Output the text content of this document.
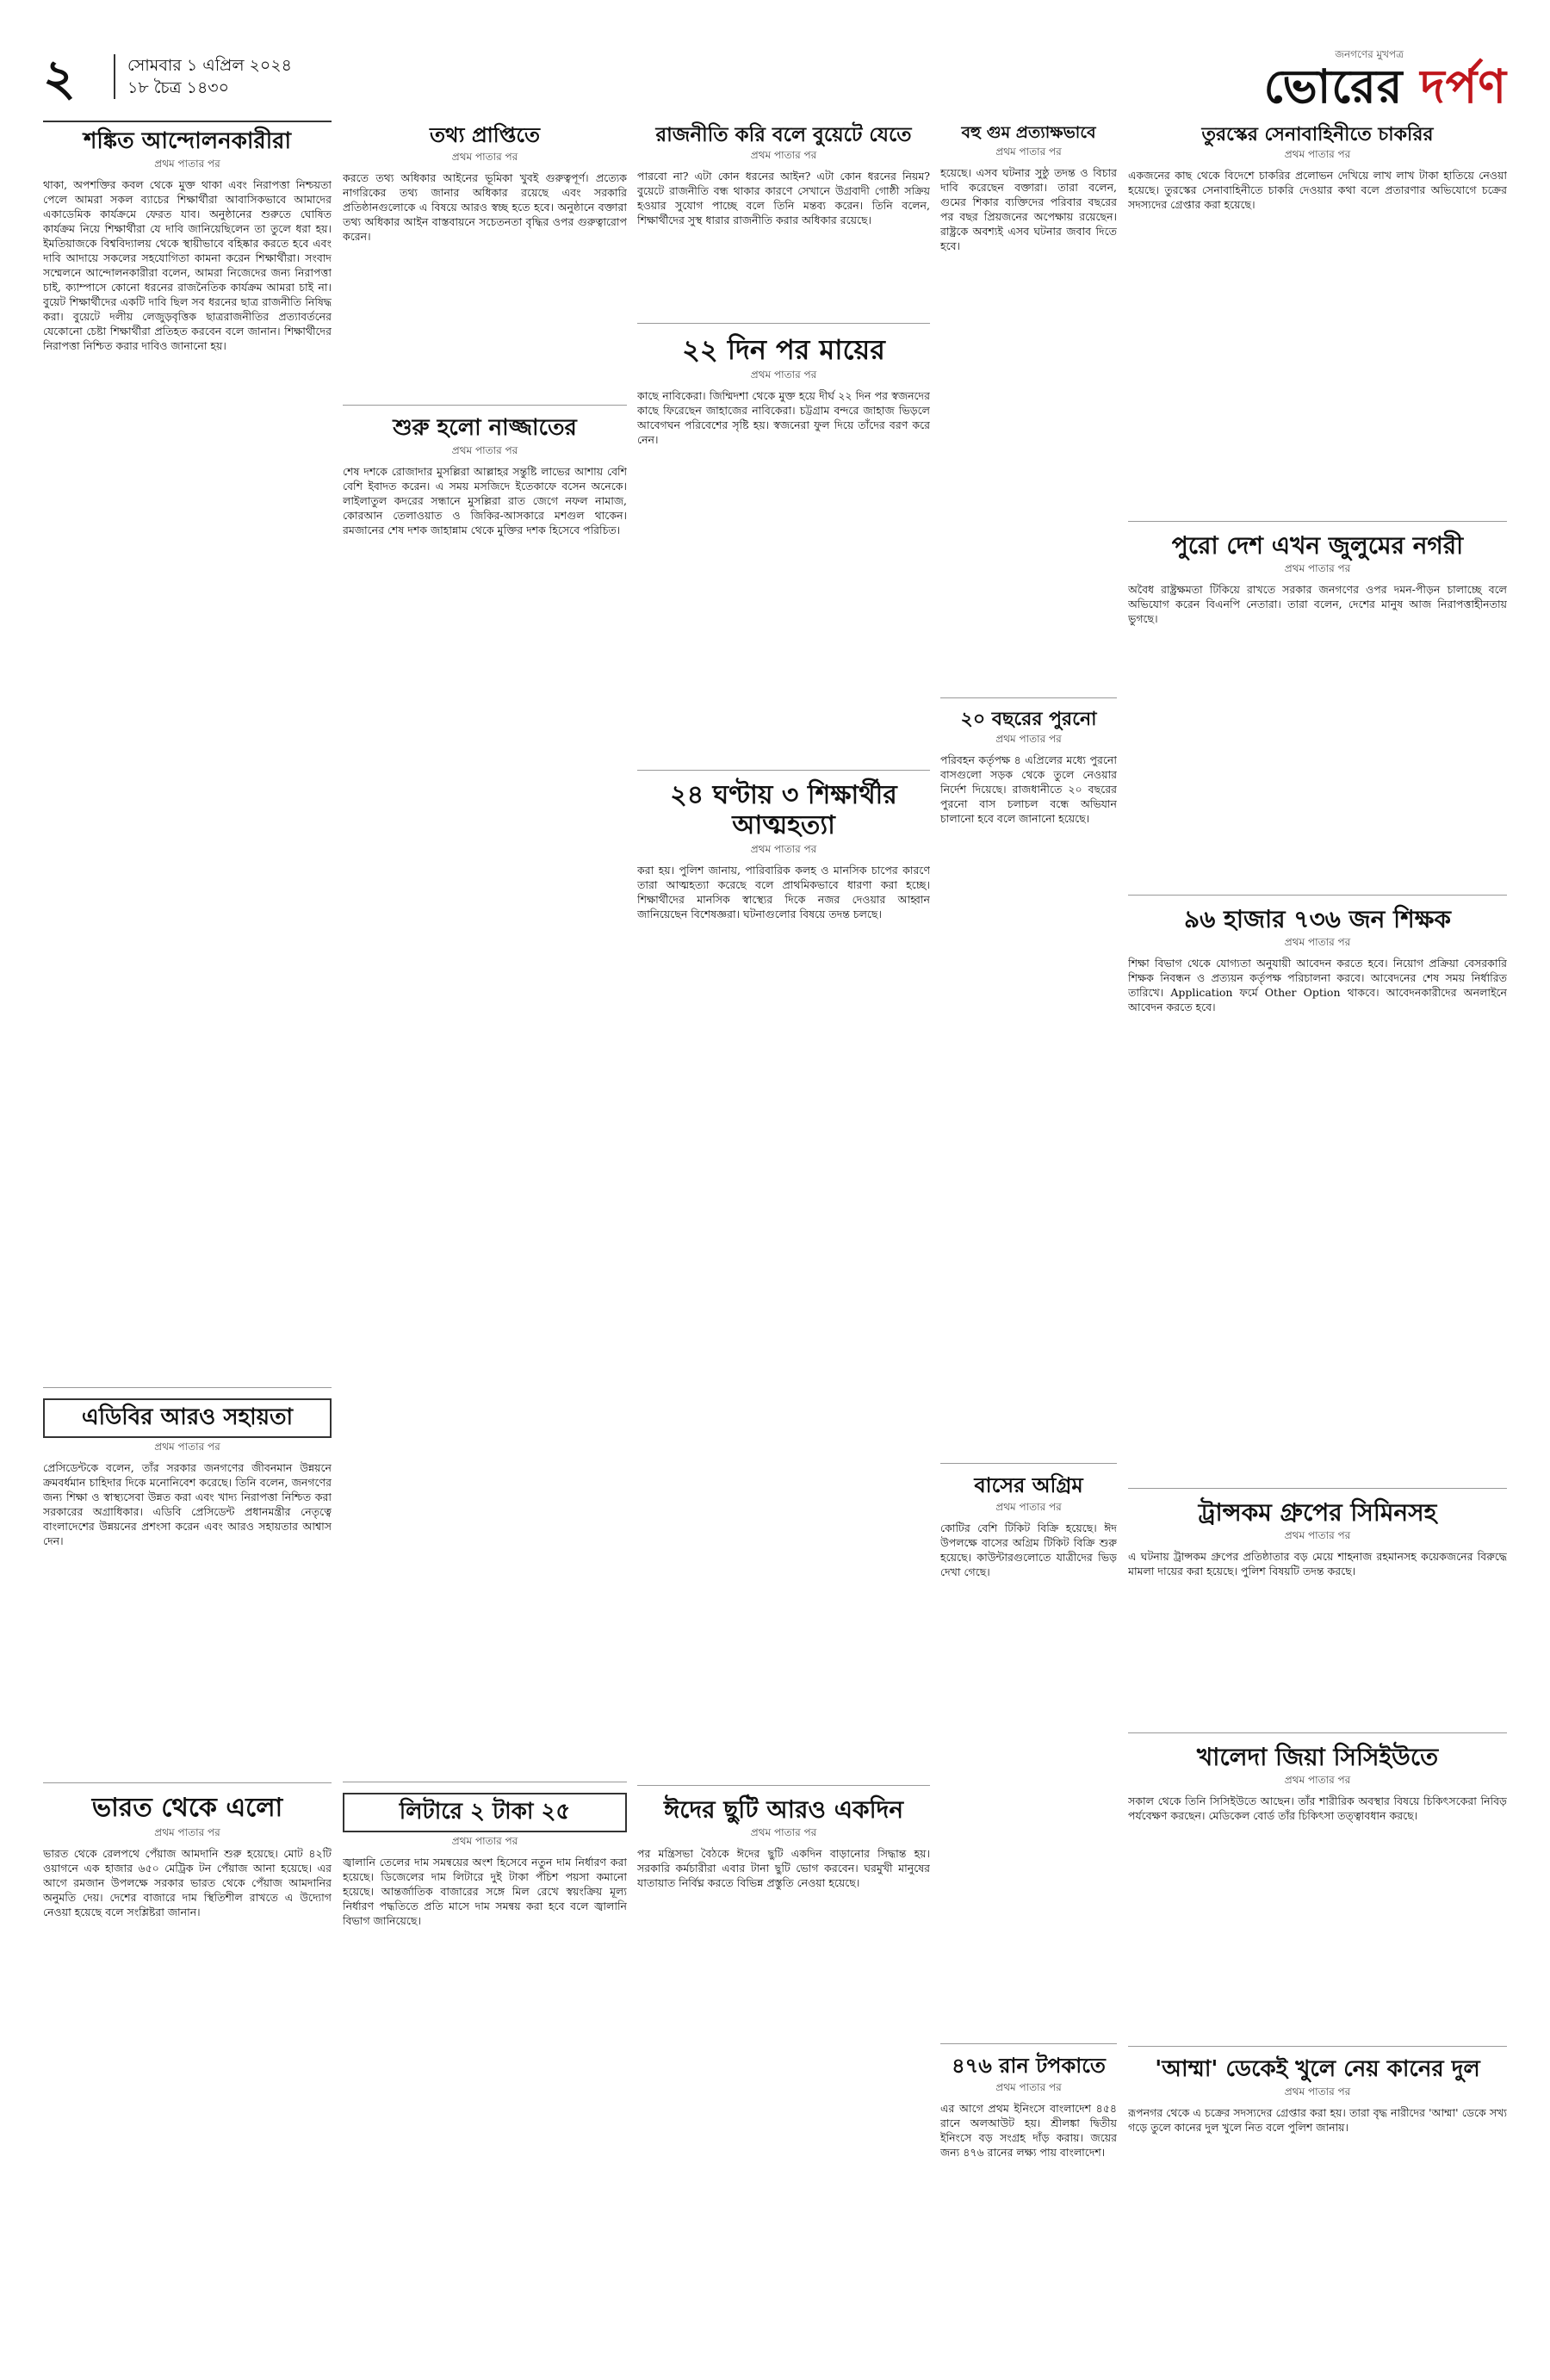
২	সোমবার ১ এপ্রিল ২০২৪
১৮ চৈত্র ১৪৩০
জনগণের মুখপত্র
ভোরের দর্পণ
শঙ্কিত আন্দোলনকারীরা
প্রথম পাতার পর

থাকা, অপশক্তির কবল থেকে মুক্ত থাকা এবং নিরাপত্তা নিশ্চয়তা পেলে আমরা সকল ব্যাচের শিক্ষার্থীরা আবাসিকভাবে আমাদের একাডেমিক কার্যক্রমে ফেরত যাব। অনুষ্ঠানের শুরুতে ঘোষিত কার্যক্রম নিয়ে শিক্ষার্থীরা যে দাবি জানিয়েছিলেন তা তুলে ধরা হয়। ইমতিয়াজকে বিশ্ববিদ্যালয় থেকে স্থায়ীভাবে বহিষ্কার করতে হবে এবং দাবি আদায়ে সকলের সহযোগিতা কামনা করেন শিক্ষার্থীরা। সংবাদ সম্মেলনে আন্দোলনকারীরা বলেন, আমরা নিজেদের জন্য নিরাপত্তা চাই, ক্যাম্পাসে কোনো ধরনের রাজনৈতিক কার্যক্রম আমরা চাই না। বুয়েট শিক্ষার্থীদের একটি দাবি ছিল সব ধরনের ছাত্র রাজনীতি নিষিদ্ধ করা। বুয়েটে দলীয় লেজুড়বৃত্তিক ছাত্ররাজনীতির প্রত্যাবর্তনের যেকোনো চেষ্টা শিক্ষার্থীরা প্রতিহত করবেন বলে জানান। শিক্ষার্থীদের নিরাপত্তা নিশ্চিত করার দাবিও জানানো হয়।

এডিবির আরও সহায়তা
প্রথম পাতার পর

প্রেসিডেন্টকে বলেন, তাঁর সরকার জনগণের জীবনমান উন্নয়নে ক্রমবর্ধমান চাহিদার দিকে মনোনিবেশ করেছে। তিনি বলেন, জনগণের জন্য শিক্ষা ও স্বাস্থ্যসেবা উন্নত করা এবং খাদ্য নিরাপত্তা নিশ্চিত করা সরকারের অগ্রাধিকার। এডিবি প্রেসিডেন্ট প্রধানমন্ত্রীর নেতৃত্বে বাংলাদেশের উন্নয়নের প্রশংসা করেন এবং আরও সহায়তার আশ্বাস দেন।

ভারত থেকে এলো
প্রথম পাতার পর

ভারত থেকে রেলপথে পেঁয়াজ আমদানি শুরু হয়েছে। মোট ৪২টি ওয়াগনে এক হাজার ৬৫০ মেট্রিক টন পেঁয়াজ আনা হয়েছে। এর আগে রমজান উপলক্ষে সরকার ভারত থেকে পেঁয়াজ আমদানির অনুমতি দেয়। দেশের বাজারে দাম স্থিতিশীল রাখতে এ উদ্যোগ নেওয়া হয়েছে বলে সংশ্লিষ্টরা জানান।

তথ্য প্রাপ্তিতে
প্রথম পাতার পর

করতে তথ্য অধিকার আইনের ভূমিকা খুবই গুরুত্বপূর্ণ। প্রত্যেক নাগরিকের তথ্য জানার অধিকার রয়েছে এবং সরকারি প্রতিষ্ঠানগুলোকে এ বিষয়ে আরও স্বচ্ছ হতে হবে। অনুষ্ঠানে বক্তারা তথ্য অধিকার আইন বাস্তবায়নে সচেতনতা বৃদ্ধির ওপর গুরুত্বারোপ করেন।

শুরু হলো নাজ্জাতের
প্রথম পাতার পর

শেষ দশকে রোজাদার মুসল্লিরা আল্লাহর সন্তুষ্টি লাভের আশায় বেশি বেশি ইবাদত করেন। এ সময় মসজিদে ইতেকাফে বসেন অনেকে। লাইলাতুল কদরের সন্ধানে মুসল্লিরা রাত জেগে নফল নামাজ, কোরআন তেলাওয়াত ও জিকির-আসকারে মশগুল থাকেন। রমজানের শেষ দশক জাহান্নাম থেকে মুক্তির দশক হিসেবে পরিচিত।

লিটারে ২ টাকা ২৫
প্রথম পাতার পর

জ্বালানি তেলের দাম সমন্বয়ের অংশ হিসেবে নতুন দাম নির্ধারণ করা হয়েছে। ডিজেলের দাম লিটারে দুই টাকা পঁচিশ পয়সা কমানো হয়েছে। আন্তর্জাতিক বাজারের সঙ্গে মিল রেখে স্বয়ংক্রিয় মূল্য নির্ধারণ পদ্ধতিতে প্রতি মাসে দাম সমন্বয় করা হবে বলে জ্বালানি বিভাগ জানিয়েছে।

রাজনীতি করি বলে বুয়েটে যেতে
প্রথম পাতার পর

পারবো না? এটা কোন ধরনের আইন? এটা কোন ধরনের নিয়ম? বুয়েটে রাজনীতি বন্ধ থাকার কারণে সেখানে উগ্রবাদী গোষ্ঠী সক্রিয় হওয়ার সুযোগ পাচ্ছে বলে তিনি মন্তব্য করেন। তিনি বলেন, শিক্ষার্থীদের সুস্থ ধারার রাজনীতি করার অধিকার রয়েছে।

২২ দিন পর মায়ের
প্রথম পাতার পর

কাছে নাবিকেরা। জিম্মিদশা থেকে মুক্ত হয়ে দীর্ঘ ২২ দিন পর স্বজনদের কাছে ফিরেছেন জাহাজের নাবিকেরা। চট্টগ্রাম বন্দরে জাহাজ ভিড়লে আবেগঘন পরিবেশের সৃষ্টি হয়। স্বজনেরা ফুল দিয়ে তাঁদের বরণ করে নেন।

২৪ ঘণ্টায় ৩ শিক্ষার্থীর আত্মহত্যা
প্রথম পাতার পর

করা হয়। পুলিশ জানায়, পারিবারিক কলহ ও মানসিক চাপের কারণে তারা আত্মহত্যা করেছে বলে প্রাথমিকভাবে ধারণা করা হচ্ছে। শিক্ষার্থীদের মানসিক স্বাস্থ্যের দিকে নজর দেওয়ার আহ্বান জানিয়েছেন বিশেষজ্ঞরা। ঘটনাগুলোর বিষয়ে তদন্ত চলছে।

ঈদের ছুটি আরও একদিন
প্রথম পাতার পর

পর মন্ত্রিসভা বৈঠকে ঈদের ছুটি একদিন বাড়ানোর সিদ্ধান্ত হয়। সরকারি কর্মচারীরা এবার টানা ছুটি ভোগ করবেন। ঘরমুখী মানুষের যাতায়াত নির্বিঘ্ন করতে বিভিন্ন প্রস্তুতি নেওয়া হয়েছে।

বহু গুম প্রত্যাক্ষভাবে
প্রথম পাতার পর

হয়েছে। এসব ঘটনার সুষ্ঠু তদন্ত ও বিচার দাবি করেছেন বক্তারা। তারা বলেন, গুমের শিকার ব্যক্তিদের পরিবার বছরের পর বছর প্রিয়জনের অপেক্ষায় রয়েছেন। রাষ্ট্রকে অবশ্যই এসব ঘটনার জবাব দিতে হবে।

২০ বছরের পুরনো
প্রথম পাতার পর

পরিবহন কর্তৃপক্ষ ৪ এপ্রিলের মধ্যে পুরনো বাসগুলো সড়ক থেকে তুলে নেওয়ার নির্দেশ দিয়েছে। রাজধানীতে ২০ বছরের পুরনো বাস চলাচল বন্ধে অভিযান চালানো হবে বলে জানানো হয়েছে।

বাসের অগ্রিম
প্রথম পাতার পর

কোটির বেশি টিকিট বিক্রি হয়েছে। ঈদ উপলক্ষে বাসের অগ্রিম টিকিট বিক্রি শুরু হয়েছে। কাউন্টারগুলোতে যাত্রীদের ভিড় দেখা গেছে।

৪৭৬ রান টপকাতে
প্রথম পাতার পর

এর আগে প্রথম ইনিংসে বাংলাদেশ ৪৫৪ রানে অলআউট হয়। শ্রীলঙ্কা দ্বিতীয় ইনিংসে বড় সংগ্রহ দাঁড় করায়। জয়ের জন্য ৪৭৬ রানের লক্ষ্য পায় বাংলাদেশ।

তুরস্কের সেনাবাহিনীতে চাকরির
প্রথম পাতার পর

একজনের কাছ থেকে বিদেশে চাকরির প্রলোভন দেখিয়ে লাখ লাখ টাকা হাতিয়ে নেওয়া হয়েছে। তুরস্কের সেনাবাহিনীতে চাকরি দেওয়ার কথা বলে প্রতারণার অভিযোগে চক্রের সদস্যদের গ্রেপ্তার করা হয়েছে।

পুরো দেশ এখন জুলুমের নগরী
প্রথম পাতার পর

অবৈধ রাষ্ট্রক্ষমতা টিকিয়ে রাখতে সরকার জনগণের ওপর দমন-পীড়ন চালাচ্ছে বলে অভিযোগ করেন বিএনপি নেতারা। তারা বলেন, দেশের মানুষ আজ নিরাপত্তাহীনতায় ভুগছে।

৯৬ হাজার ৭৩৬ জন শিক্ষক
প্রথম পাতার পর

শিক্ষা বিভাগ থেকে যোগ্যতা অনুযায়ী আবেদন করতে হবে। নিয়োগ প্রক্রিয়া বেসরকারি শিক্ষক নিবন্ধন ও প্রত্যয়ন কর্তৃপক্ষ পরিচালনা করবে। আবেদনের শেষ সময় নির্ধারিত তারিখে। Application ফর্মে Other Option থাকবে। আবেদনকারীদের অনলাইনে আবেদন করতে হবে।

ট্রান্সকম গ্রুপের সিমিনসহ
প্রথম পাতার পর

এ ঘটনায় ট্রান্সকম গ্রুপের প্রতিষ্ঠাতার বড় মেয়ে শাহনাজ রহমানসহ কয়েকজনের বিরুদ্ধে মামলা দায়ের করা হয়েছে। পুলিশ বিষয়টি তদন্ত করছে।

খালেদা জিয়া সিসিইউতে
প্রথম পাতার পর

সকাল থেকে তিনি সিসিইউতে আছেন। তাঁর শারীরিক অবস্থার বিষয়ে চিকিৎসকেরা নিবিড় পর্যবেক্ষণ করছেন। মেডিকেল বোর্ড তাঁর চিকিৎসা তত্ত্বাবধান করছে।

'আম্মা' ডেকেই খুলে নেয় কানের দুল
প্রথম পাতার পর

রূপনগর থেকে এ চক্রের সদস্যদের গ্রেপ্তার করা হয়। তারা বৃদ্ধ নারীদের 'আম্মা' ডেকে সখ্য গড়ে তুলে কানের দুল খুলে নিত বলে পুলিশ জানায়।
